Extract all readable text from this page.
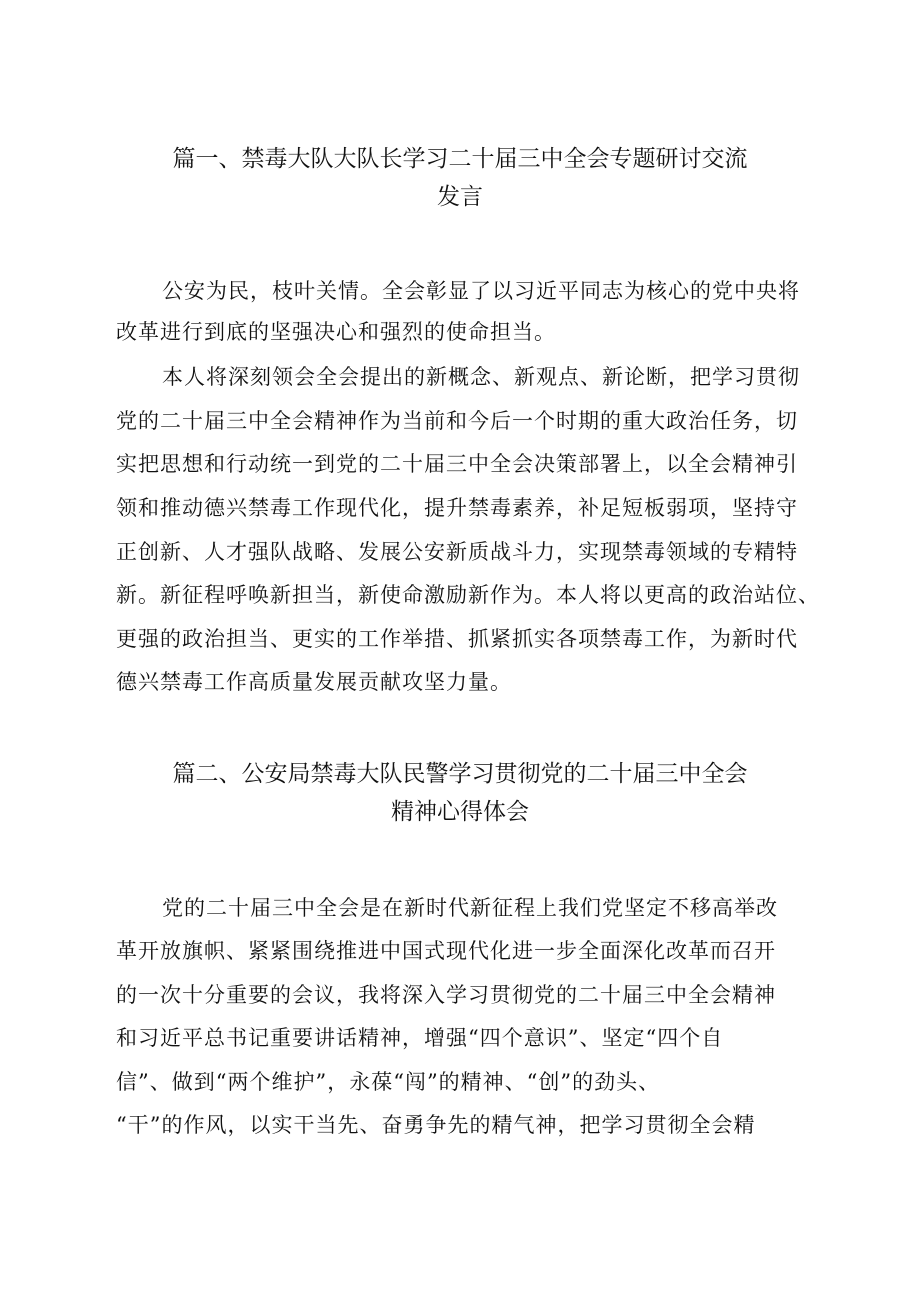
篇一、禁毒大队大队长学习二十届三中全会专题研讨交流
发言

公安为民，枝叶关情。全会彰显了以习近平同志为核心的党中央将

改革进行到底的坚强决心和强烈的使命担当。

本人将深刻领会全会提出的新概念、新观点、新论断，把学习贯彻

党的二十届三中全会精神作为当前和今后一个时期的重大政治任务，切

实把思想和行动统一到党的二十届三中全会决策部署上，以全会精神引

领和推动德兴禁毒工作现代化，提升禁毒素养，补足短板弱项，坚持守

正创新、人才强队战略、发展公安新质战斗力，实现禁毒领域的专精特

新。新征程呼唤新担当，新使命激励新作为。本人将以更高的政治站位、

更强的政治担当、更实的工作举措、抓紧抓实各项禁毒工作，为新时代

德兴禁毒工作高质量发展贡献攻坚力量。

篇二、公安局禁毒大队民警学习贯彻党的二十届三中全会
精神心得体会

党的二十届三中全会是在新时代新征程上我们党坚定不移高举改

革开放旗帜、紧紧围绕推进中国式现代化进一步全面深化改革而召开

的一次十分重要的会议，我将深入学习贯彻党的二十届三中全会精神

和习近平总书记重要讲话精神，增强“四个意识”、坚定“四个自

信”、做到“两个维护”，永葆“闯”的精神、“创”的劲头、

“干”的作风，以实干当先、奋勇争先的精气神，把学习贯彻全会精
